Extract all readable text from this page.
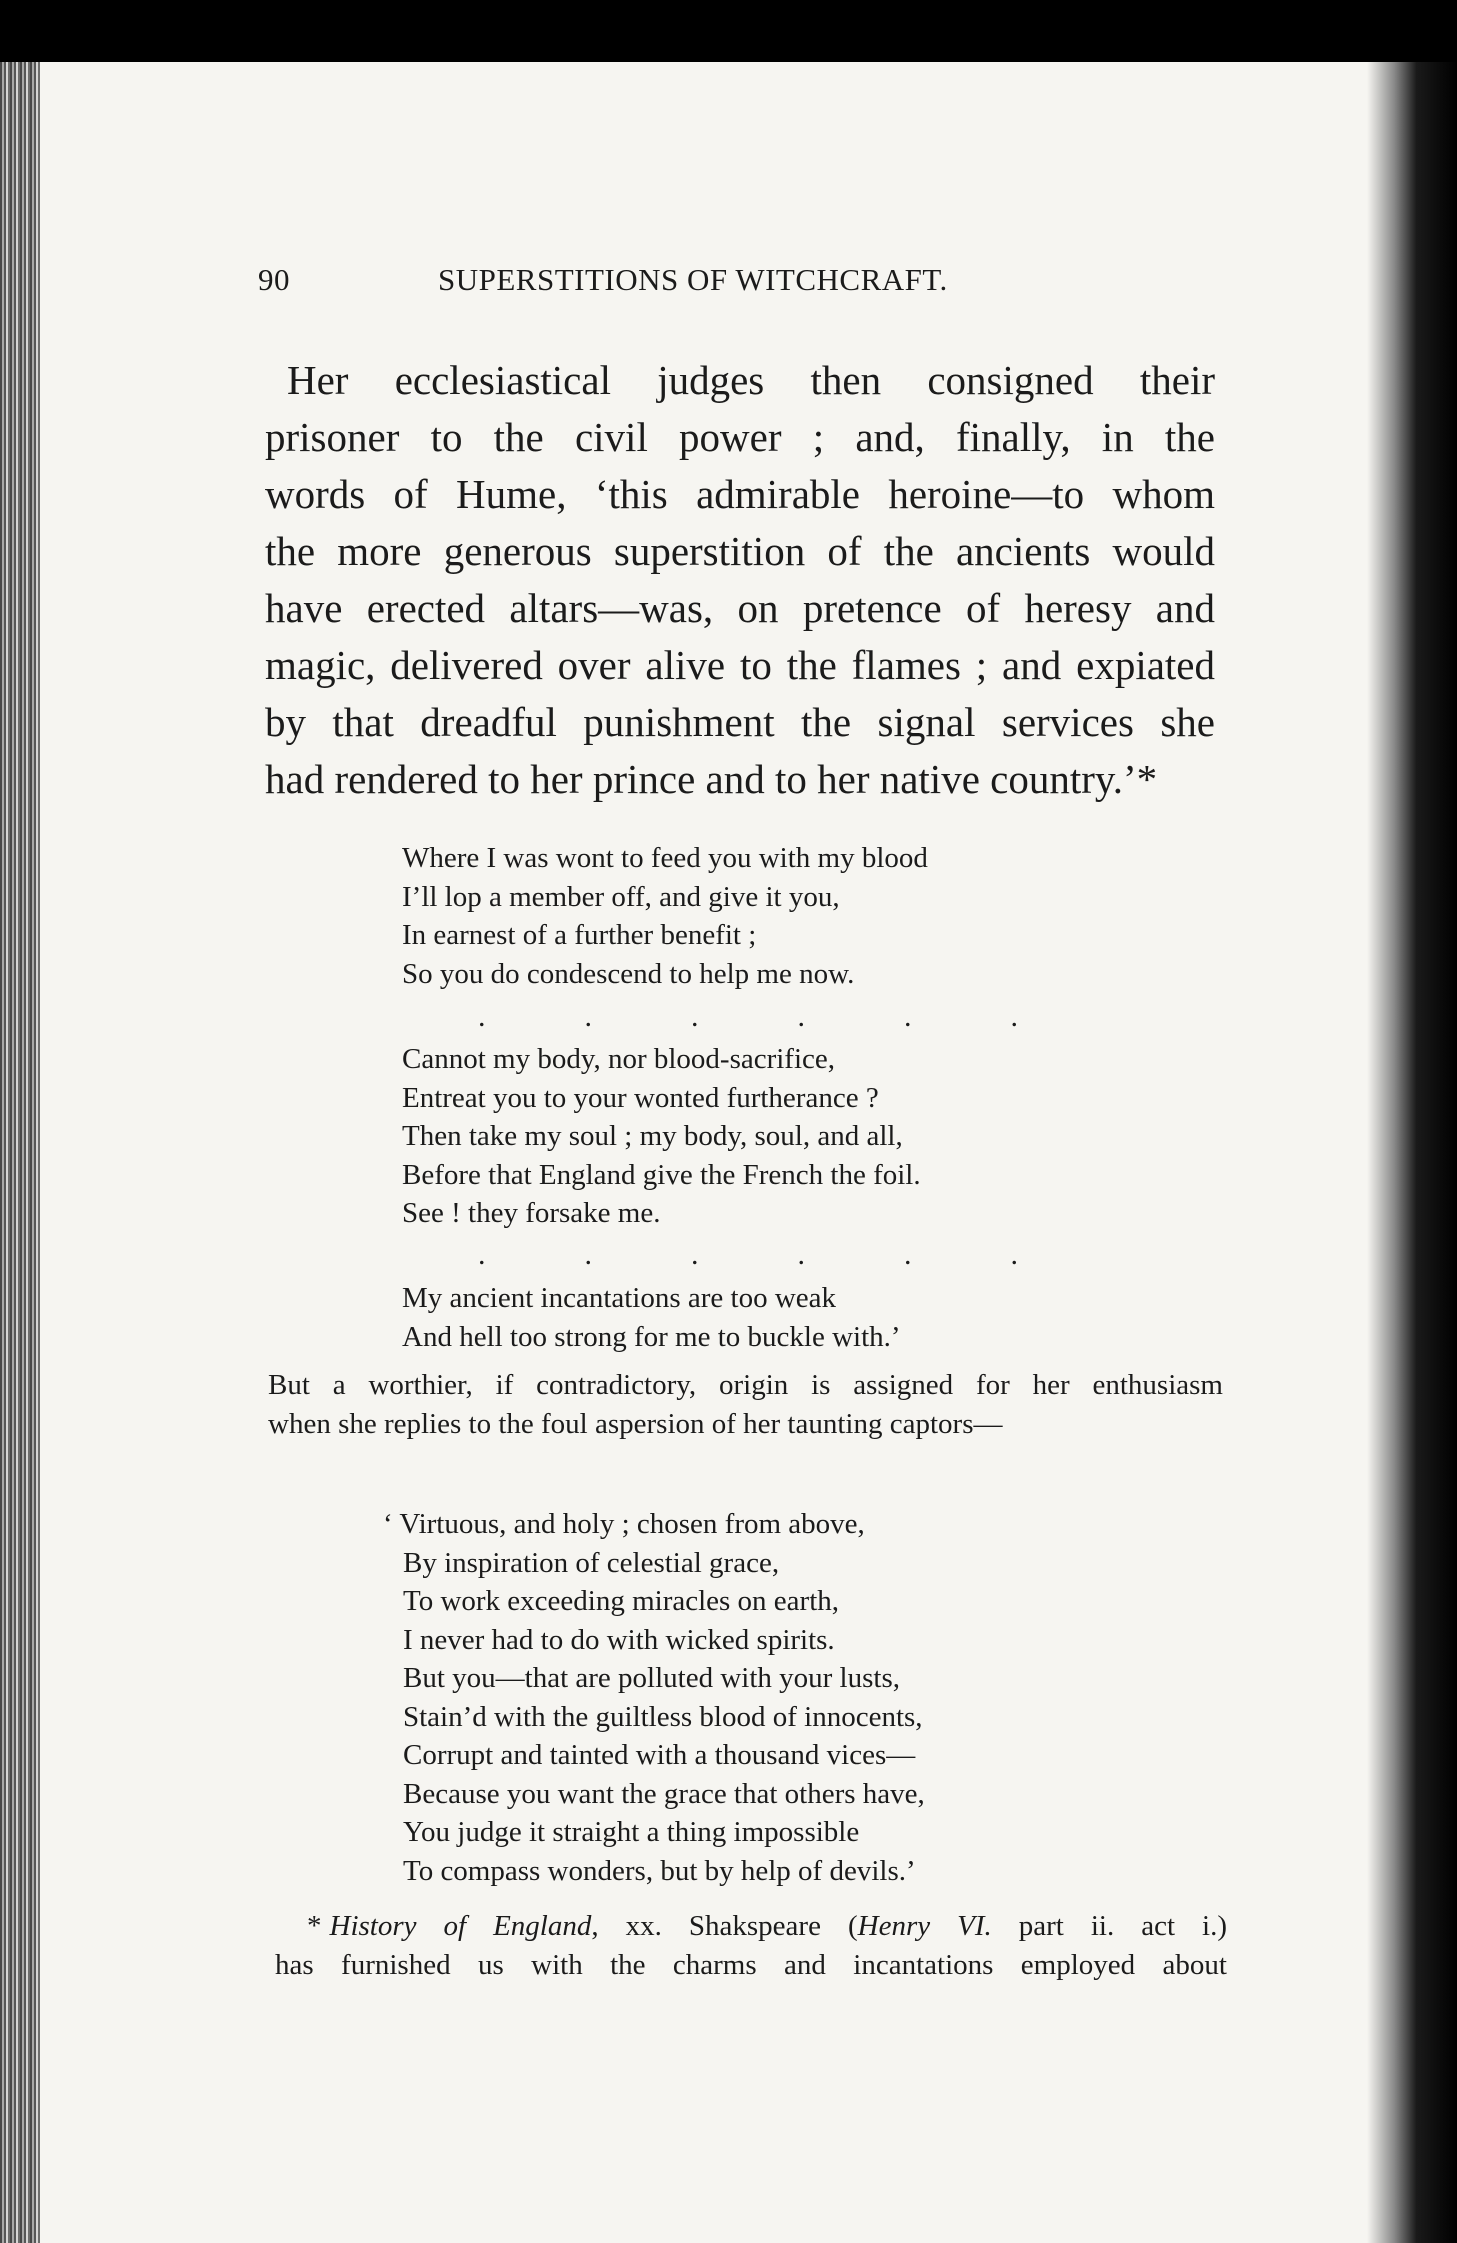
90	SUPERSTITIONS OF WITCHCRAFT.
Her ecclesiastical judges then consigned their
prisoner to the civil power ; and, finally, in the
words of Hume, ‘this admirable heroine—to whom
the more generous superstition of the ancients would
have erected altars—was, on pretence of heresy and
magic, delivered over alive to the flames ; and expiated
by that dreadful punishment the signal services she
had rendered to her prince and to her native country.’*
Where I was wont to feed you with my blood
I’ll lop a member off, and give it you,
In earnest of a further benefit ;
So you do condescend to help me now.
.	.	.	.	.	.
Cannot my body, nor blood-sacrifice,
Entreat you to your wonted furtherance ?
Then take my soul ; my body, soul, and all,
Before that England give the French the foil.
See ! they forsake me.
.	.	.	.	.	.
My ancient incantations are too weak
And hell too strong for me to buckle with.’
But a worthier, if contradictory, origin is assigned for her enthusiasm
when she replies to the foul aspersion of her taunting captors—
‘ Virtuous, and holy ; chosen from above,
By inspiration of celestial grace,
To work exceeding miracles on earth,
I never had to do with wicked spirits.
But you—that are polluted with your lusts,
Stain’d with the guiltless blood of innocents,
Corrupt and tainted with a thousand vices—
Because you want the grace that others have,
You judge it straight a thing impossible
To compass wonders, but by help of devils.’
* History of England, xx. Shakspeare (Henry VI. part ii. act i.)
has furnished us with the charms and incantations employed about
